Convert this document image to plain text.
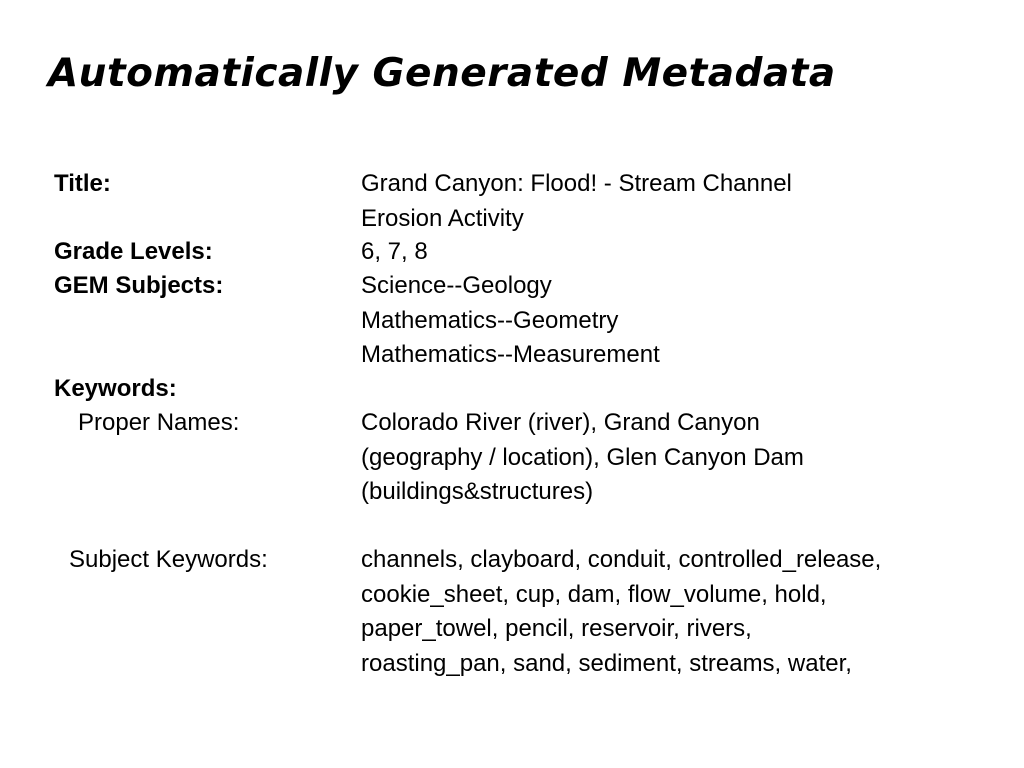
Automatically Generated Metadata
Title:	Grand Canyon: Flood! - Stream Channel
Erosion Activity
Grade Levels:	6, 7, 8
GEM Subjects:	Science--Geology
Mathematics--Geometry
Mathematics--Measurement
Keywords:
Proper Names:	Colorado River (river), Grand Canyon
(geography / location), Glen Canyon Dam
(buildings&structures)
Subject Keywords:	channels, clayboard, conduit, controlled_release,
cookie_sheet, cup, dam, flow_volume, hold,
paper_towel, pencil, reservoir, rivers,
roasting_pan, sand, sediment, streams, water,
